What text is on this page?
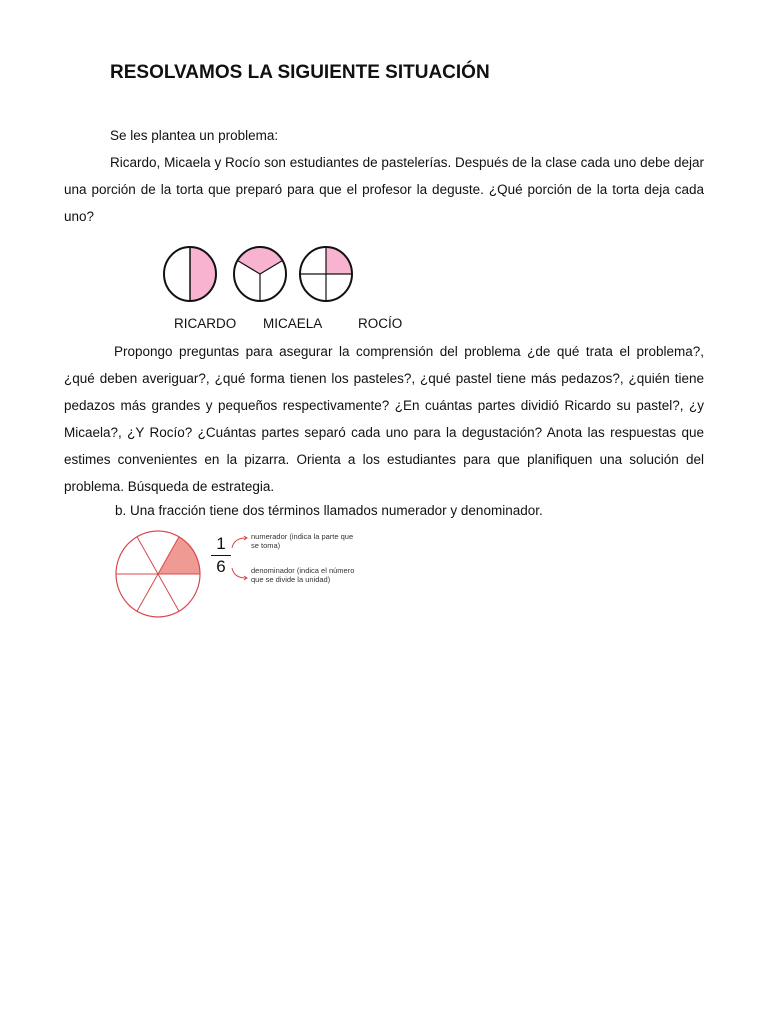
RESOLVAMOS LA SIGUIENTE SITUACIÓN

Se les plantea un problema:

Ricardo, Micaela y Rocío son estudiantes de pastelerías. Después de la clase cada uno debe dejar una porción de la torta que preparó para que el profesor la deguste. ¿Qué porción de la torta deja cada uno?

RICARDO MICAELA	ROCÍO

Propongo preguntas para asegurar la comprensión del problema ¿de qué trata el problema?, ¿qué deben averiguar?, ¿qué forma tienen los pasteles?, ¿qué pastel tiene más pedazos?, ¿quién tiene pedazos más grandes y pequeños respectivamente? ¿En cuántas partes dividió Ricardo su pastel?, ¿y Micaela?, ¿Y Rocío? ¿Cuántas partes separó cada uno para la degustación? Anota las respuestas que estimes convenientes en la pizarra. Orienta a los estudiantes para que planifiquen una solución del problema. Búsqueda de estrategia.

b. Una fracción tiene dos términos llamados numerador y denominador.

1
6
numerador (indica la parte que se toma)
denominador (indica el número que se divide la unidad)
